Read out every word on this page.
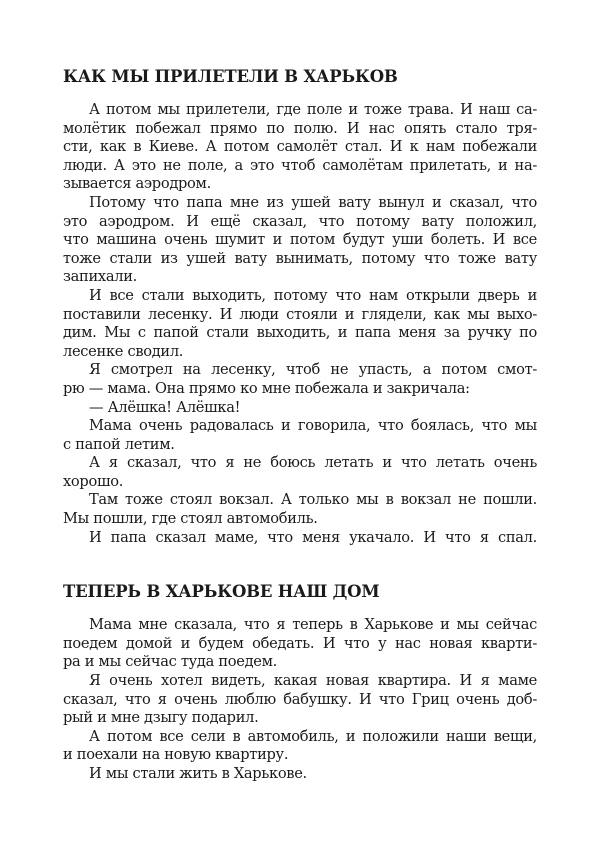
КАК МЫ ПРИЛЕТЕЛИ В ХАРЬКОВ

А потом мы прилетели, где поле и тоже трава. И наш са-
молётик побежал прямо по полю. И нас опять стало тря-
сти, как в Киеве. А потом самолёт стал. И к нам побежали
люди. А это не поле, а это чтоб самолётам прилетать, и на-
зывается аэродром.

Потому что папа мне из ушей вату вынул и сказал, что
это аэродром. И ещё сказал, что потому вату положил,
что машина очень шумит и потом будут уши болеть. И все
тоже стали из ушей вату вынимать, потому что тоже вату
запихали.

И все стали выходить, потому что нам открыли дверь и
поставили лесенку. И люди стояли и глядели, как мы выхо-
дим. Мы с папой стали выходить, и папа меня за ручку по
лесенке сводил.

Я смотрел на лесенку, чтоб не упасть, а потом смот-
рю — мама. Она прямо ко мне побежала и закричала:

— Алёшка! Алёшка!

Мама очень радовалась и говорила, что боялась, что мы
с папой летим.

А я сказал, что я не боюсь летать и что летать очень
хорошо.

Там тоже стоял вокзал. А только мы в вокзал не пошли.
Мы пошли, где стоял автомобиль.

И папа сказал маме, что меня укачало. И что я спал.

ТЕПЕРЬ В ХАРЬКОВЕ НАШ ДОМ

Мама мне сказала, что я теперь в Харькове и мы сейчас
поедем домой и будем обедать. И что у нас новая кварти-
ра и мы сейчас туда поедем.

Я очень хотел видеть, какая новая квартира. И я маме
сказал, что я очень люблю бабушку. И что Гриц очень доб-
рый и мне дзыгу подарил.

А потом все сели в автомобиль, и положили наши вещи,
и поехали на новую квартиру.

И мы стали жить в Харькове.
